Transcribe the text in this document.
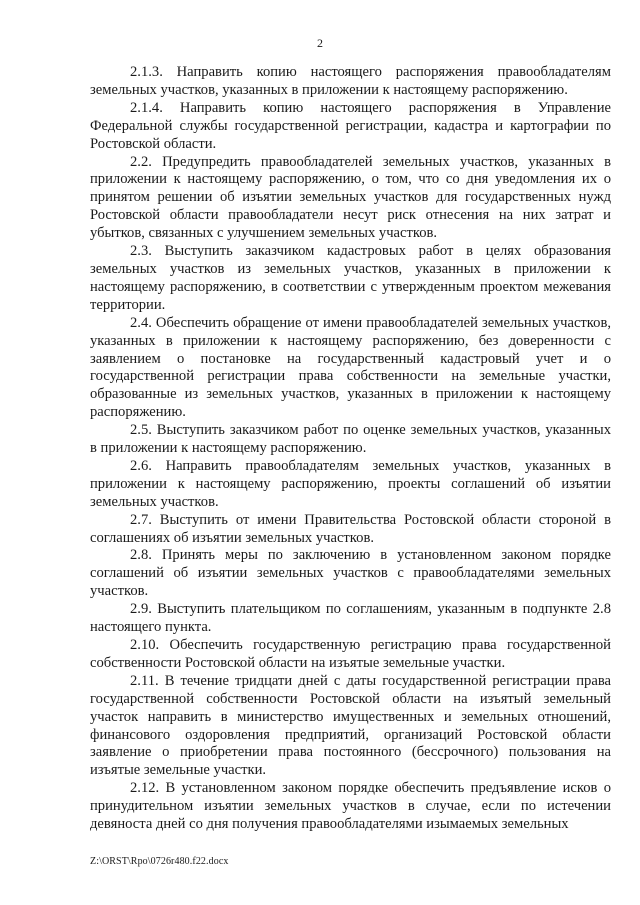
2

2.1.3. Направить копию настоящего распоряжения правообладателям земельных участков, указанных в приложении к настоящему распоряжению.

2.1.4. Направить копию настоящего распоряжения в Управление Федеральной службы государственной регистрации, кадастра и картографии по Ростовской области.

2.2. Предупредить правообладателей земельных участков, указанных в приложении к настоящему распоряжению, о том, что со дня уведомления их о принятом решении об изъятии земельных участков для государственных нужд Ростовской области правообладатели несут риск отнесения на них затрат и убытков, связанных с улучшением земельных участков.

2.3. Выступить заказчиком кадастровых работ в целях образования земельных участков из земельных участков, указанных в приложении к настоящему распоряжению, в соответствии с утвержденным проектом межевания территории.

2.4. Обеспечить обращение от имени правообладателей земельных участков, указанных в приложении к настоящему распоряжению, без доверенности с заявлением о постановке на государственный кадастровый учет и о государственной регистрации права собственности на земельные участки, образованные из земельных участков, указанных в приложении к настоящему распоряжению.

2.5. Выступить заказчиком работ по оценке земельных участков, указанных в приложении к настоящему распоряжению.

2.6. Направить правообладателям земельных участков, указанных в приложении к настоящему распоряжению, проекты соглашений об изъятии земельных участков.

2.7. Выступить от имени Правительства Ростовской области стороной в соглашениях об изъятии земельных участков.

2.8. Принять меры по заключению в установленном законом порядке соглашений об изъятии земельных участков с правообладателями земельных участков.

2.9. Выступить плательщиком по соглашениям, указанным в подпункте 2.8 настоящего пункта.

2.10. Обеспечить государственную регистрацию права государственной собственности Ростовской области на изъятые земельные участки.

2.11. В течение тридцати дней с даты государственной регистрации права государственной собственности Ростовской области на изъятый земельный участок направить в министерство имущественных и земельных отношений, финансового оздоровления предприятий, организаций Ростовской области заявление о приобретении права постоянного (бессрочного) пользования на изъятые земельные участки.

2.12. В установленном законом порядке обеспечить предъявление исков о принудительном изъятии земельных участков в случае, если по истечении девяноста дней со дня получения правообладателями изымаемых земельных

Z:\ORST\Rpo\0726r480.f22.docx
